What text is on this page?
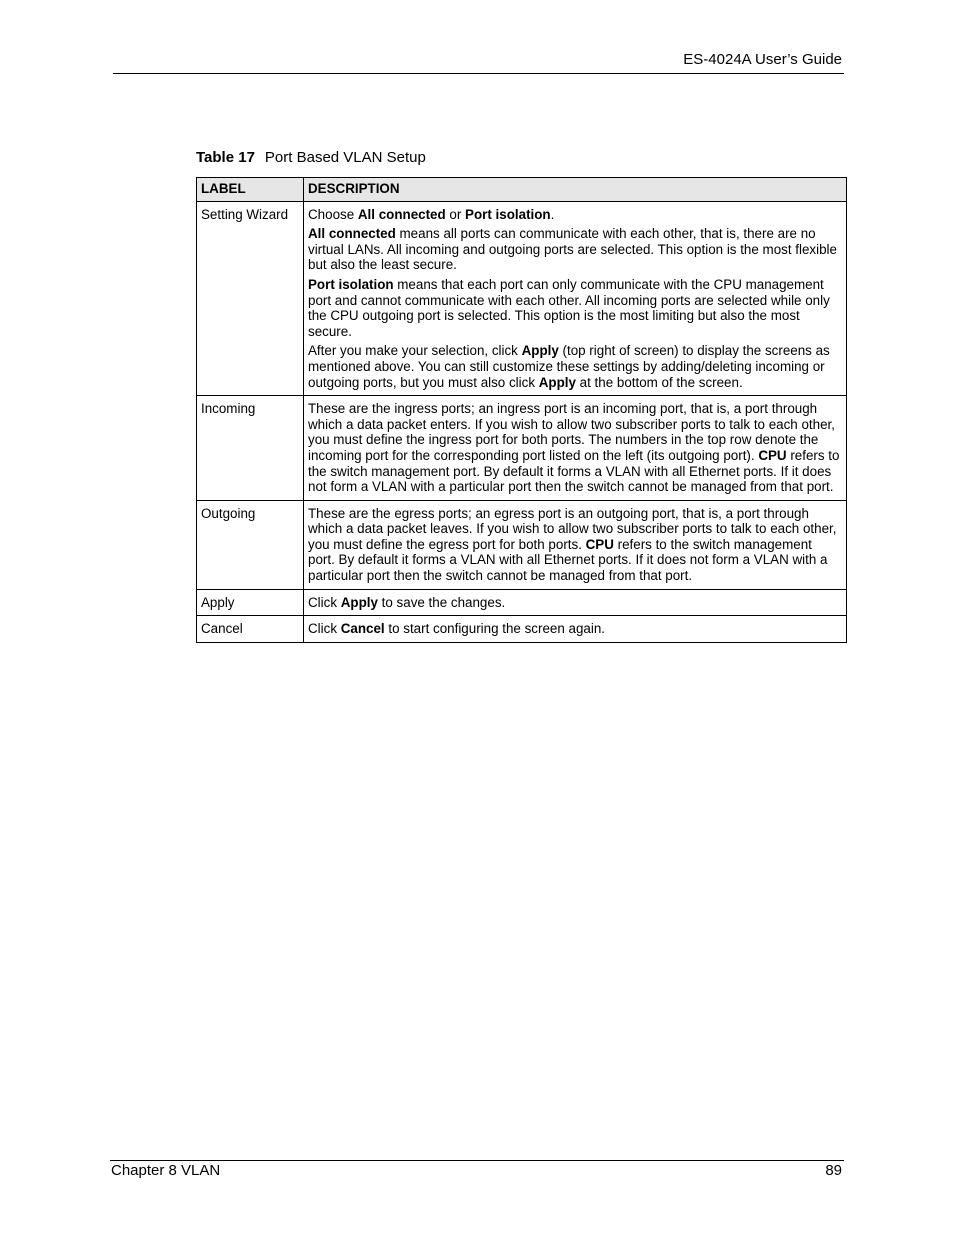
ES-4024A User’s Guide
Table 17 Port Based VLAN Setup
LABEL	DESCRIPTION
Setting Wizard	Choose All connected or Port isolation.

All connected means all ports can communicate with each other, that is, there are no virtual LANs. All incoming and outgoing ports are selected. This option is the most flexible but also the least secure.

Port isolation means that each port can only communicate with the CPU management port and cannot communicate with each other. All incoming ports are selected while only the CPU outgoing port is selected. This option is the most limiting but also the most secure.

After you make your selection, click Apply (top right of screen) to display the screens as mentioned above. You can still customize these settings by adding/deleting incoming or outgoing ports, but you must also click Apply at the bottom of the screen.

Incoming	These are the ingress ports; an ingress port is an incoming port, that is, a port through which a data packet enters. If you wish to allow two subscriber ports to talk to each other, you must define the ingress port for both ports. The numbers in the top row denote the incoming port for the corresponding port listed on the left (its outgoing port). CPU refers to the switch management port. By default it forms a VLAN with all Ethernet ports. If it does not form a VLAN with a particular port then the switch cannot be managed from that port.
Outgoing	These are the egress ports; an egress port is an outgoing port, that is, a port through which a data packet leaves. If you wish to allow two subscriber ports to talk to each other, you must define the egress port for both ports. CPU refers to the switch management port. By default it forms a VLAN with all Ethernet ports. If it does not form a VLAN with a particular port then the switch cannot be managed from that port.
Apply	Click Apply to save the changes.
Cancel	Click Cancel to start configuring the screen again.
Chapter 8 VLAN	89
